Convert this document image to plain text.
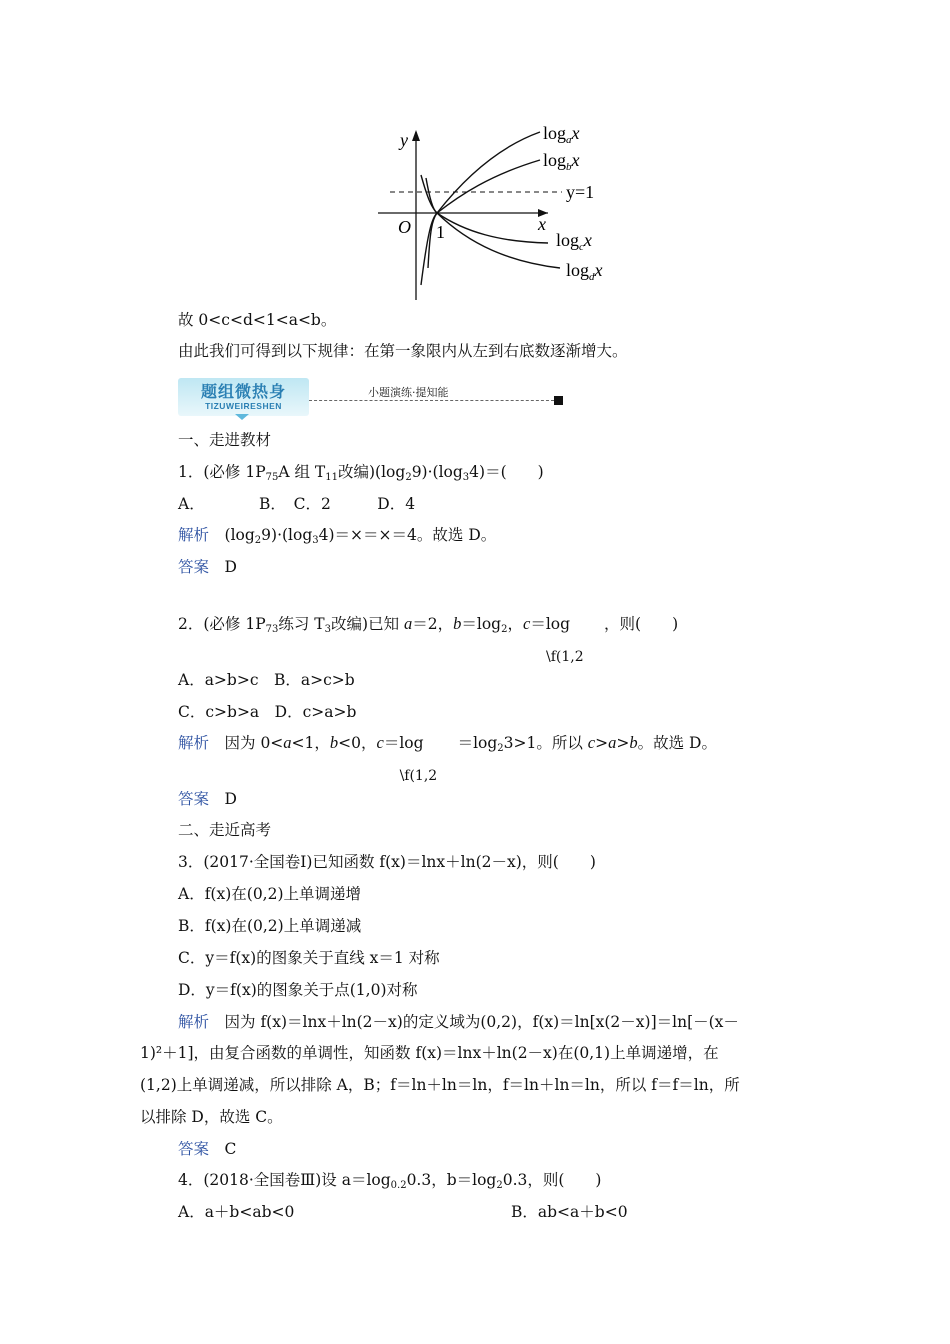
y
x
O 1
y=1
$\log_ax$
$\log_bx$
$\log_cx$
$\log_dx$
故 0<c<d<1<a<b。
由此我们可得到以下规律：在第一象限内从左到右底数逐渐增大。
题组微热身
TIZUWEIRESHEN
小题演练·提知能
一、走进教材
1．(必修 $1P_{75}A$ 组 $T_{11}$改编)$(\log_29)\cdot(\log_34)=$(　　)
A．　　　　B．　C．2　　　D．4
解析　$(\log_29)\cdot(\log_34)=\times=\times=4$。故选 D。
答案　D
2．(必修 $1P_{73}$练习 $T_3$改编)已知 a＝2，$b=\log_2$，c＝log
\f(1,2
，则(　　)
A．a>b>c　B．a>c>b
C．c>b>a　D．c>a>b
解析　因为 0<a<1，b<0，c＝log
\f(1,2
$=\log_23>1$。所以 c>a>b。故选 D。
答案　D
二、走近高考
3．(2017·全国卷Ⅰ)已知函数 f(x)＝lnx＋ln(2－x)，则(　　)
A．f(x)在(0,2)上单调递增
B．f(x)在(0,2)上单调递减
C．y＝f(x)的图象关于直线 x＝1 对称
D．y＝f(x)的图象关于点(1,0)对称
解析　因为 f(x)＝lnx＋ln(2－x)的定义域为(0,2)，f(x)＝ln[x(2－x)]＝ln[－(x－
1)²＋1]，由复合函数的单调性，知函数 f(x)＝lnx＋ln(2－x)在(0,1)上单调递增，在
(1,2)上单调递减，所以排除 A，B；f＝ln＋ln＝ln，f＝ln＋ln＝ln，所以 f＝f＝ln，所
以排除 D，故选 C。
答案　C
4．(2018·全国卷Ⅲ)设 $a=\log_{0.2}0.3$，$b=\log_20.3$，则(　　)
A．a＋b<ab<0	B．ab<a＋b<0
